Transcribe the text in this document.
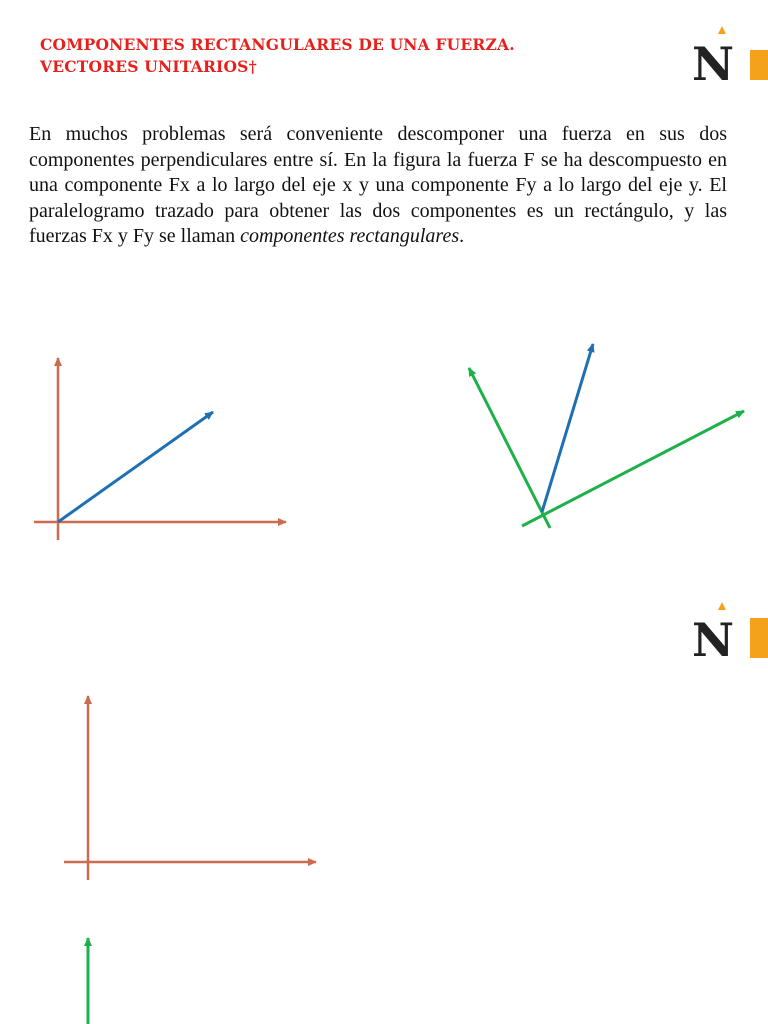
COMPONENTES RECTANGULARES DE UNA FUERZA.
VECTORES UNITARIOS†	N
En muchos problemas será conveniente descomponer una fuerza en sus dos componentes perpendiculares entre sí. En la figura la fuerza F se ha descompuesto en una componente Fx a lo largo del eje x y una componente Fy a lo largo del eje y. El paralelogramo trazado para obtener las dos componentes es un rectángulo, y las fuerzas Fx y Fy se llaman componentes rectangulares.
N
